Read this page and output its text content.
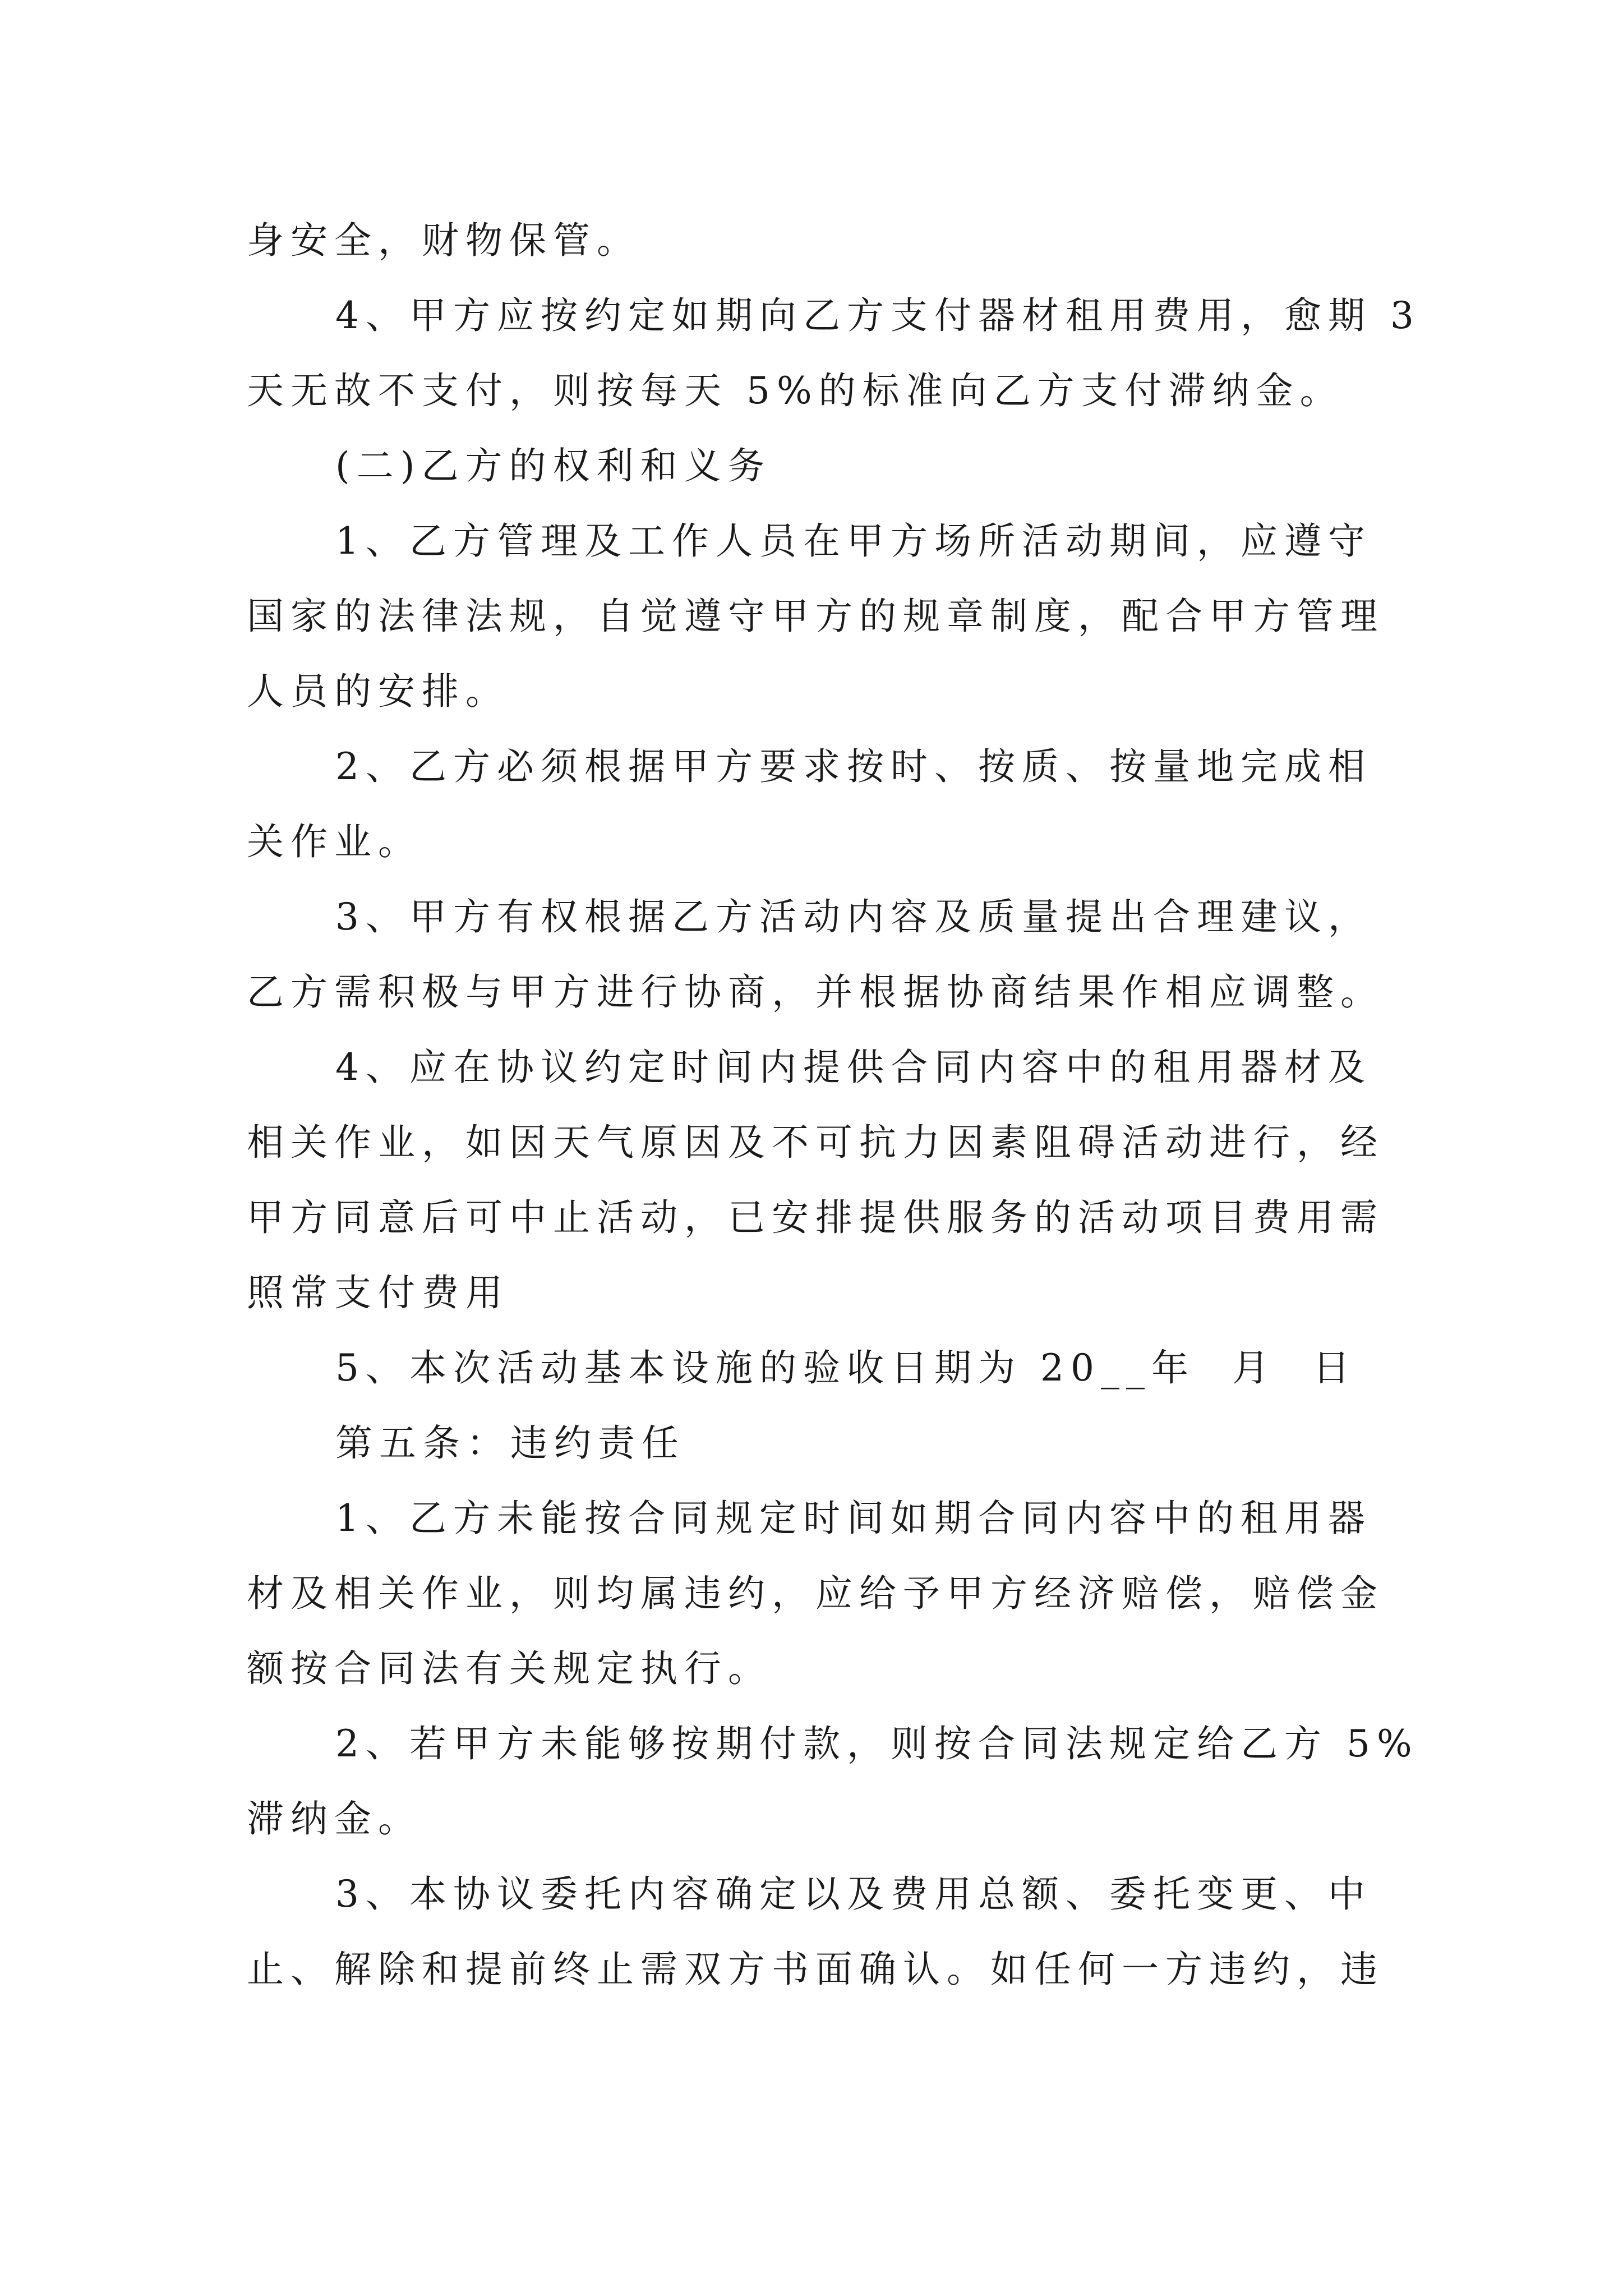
身安全，财物保管。
4、甲方应按约定如期向乙方支付器材租用费用，愈期 3
天无故不支付，则按每天 5%的标准向乙方支付滞纳金。
(二)乙方的权利和义务
1、乙方管理及工作人员在甲方场所活动期间，应遵守
国家的法律法规，自觉遵守甲方的规章制度，配合甲方管理
人员的安排。
2、乙方必须根据甲方要求按时、按质、按量地完成相
关作业。
3、甲方有权根据乙方活动内容及质量提出合理建议，
乙方需积极与甲方进行协商，并根据协商结果作相应调整。
4、应在协议约定时间内提供合同内容中的租用器材及
相关作业，如因天气原因及不可抗力因素阻碍活动进行，经
甲方同意后可中止活动，已安排提供服务的活动项目费用需
照常支付费用
5、本次活动基本设施的验收日期为 20__年  月  日
第五条：违约责任
1、乙方未能按合同规定时间如期合同内容中的租用器
材及相关作业，则均属违约，应给予甲方经济赔偿，赔偿金
额按合同法有关规定执行。
2、若甲方未能够按期付款，则按合同法规定给乙方 5%
滞纳金。
3、本协议委托内容确定以及费用总额、委托变更、中
止、解除和提前终止需双方书面确认。如任何一方违约，违
